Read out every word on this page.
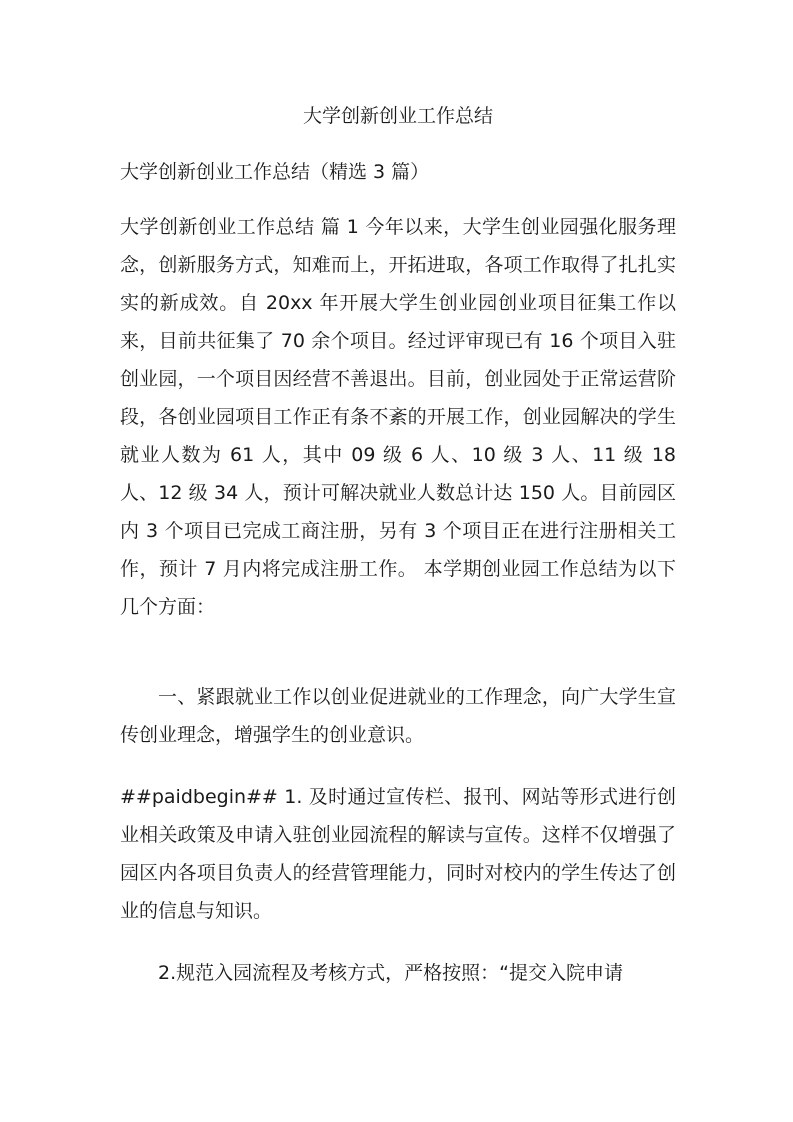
大学创新创业工作总结
大学创新创业工作总结（精选 3 篇）
大学创新创业工作总结 篇 1 今年以来，大学生创业园强化服务理念，创新服务方式，知难而上，开拓进取，各项工作取得了扎扎实实的新成效。自 20xx 年开展大学生创业园创业项目征集工作以来，目前共征集了 70 余个项目。经过评审现已有 16 个项目入驻创业园，一个项目因经营不善退出。目前，创业园处于正常运营阶段，各创业园项目工作正有条不紊的开展工作，创业园解决的学生就业人数为 61 人，其中 09 级 6 人、10 级 3 人、11 级 18 人、12 级 34 人，预计可解决就业人数总计达 150 人。目前园区内 3 个项目已完成工商注册，另有 3 个项目正在进行注册相关工作，预计 7 月内将完成注册工作。 本学期创业园工作总结为以下几个方面：
一、紧跟就业工作以创业促进就业的工作理念，向广大学生宣传创业理念，增强学生的创业意识。
##paidbegin## 1. 及时通过宣传栏、报刊、网站等形式进行创业相关政策及申请入驻创业园流程的解读与宣传。这样不仅增强了园区内各项目负责人的经营管理能力，同时对校内的学生传达了创业的信息与知识。
2.规范入园流程及考核方式，严格按照：“提交入院申请
